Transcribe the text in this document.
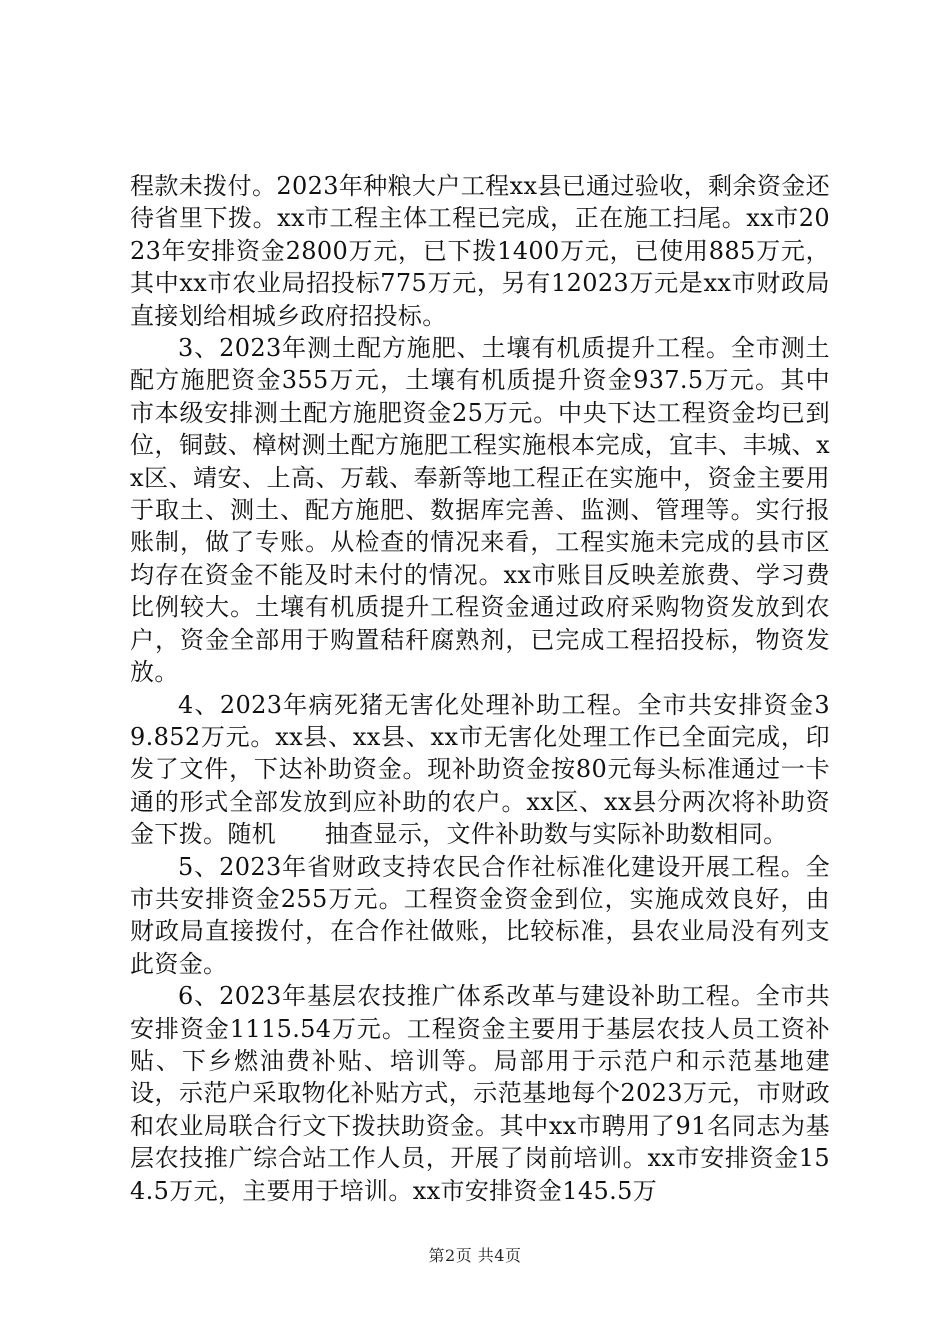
程款未拨付。2023年种粮大户工程xx县已通过验收，剩余资金还待省里下拨。xx市工程主体工程已完成，正在施工扫尾。xx市2023年安排资金2800万元，已下拨1400万元，已使用885万元，其中xx市农业局招投标775万元，另有12023万元是xx市财政局直接划给相城乡政府招投标。

3、2023年测土配方施肥、土壤有机质提升工程。全市测土配方施肥资金355万元，土壤有机质提升资金937.5万元。其中市本级安排测土配方施肥资金25万元。中央下达工程资金均已到位，铜鼓、樟树测土配方施肥工程实施根本完成，宜丰、丰城、xx区、靖安、上高、万载、奉新等地工程正在实施中，资金主要用于取土、测土、配方施肥、数据库完善、监测、管理等。实行报账制，做了专账。从检查的情况来看，工程实施未完成的县市区均存在资金不能及时未付的情况。xx市账目反映差旅费、学习费比例较大。土壤有机质提升工程资金通过政府采购物资发放到农户，资金全部用于购置秸秆腐熟剂，已完成工程招投标，物资发放。

4、2023年病死猪无害化处理补助工程。全市共安排资金39.852万元。xx县、xx县、xx市无害化处理工作已全面完成，印发了文件，下达补助资金。现补助资金按80元每头标准通过一卡通的形式全部发放到应补助的农户。xx区、xx县分两次将补助资金下拨。随机　　抽查显示，文件补助数与实际补助数相同。

5、2023年省财政支持农民合作社标准化建设开展工程。全市共安排资金255万元。工程资金资金到位，实施成效良好，由财政局直接拨付，在合作社做账，比较标准，县农业局没有列支此资金。

6、2023年基层农技推广体系改革与建设补助工程。全市共安排资金1115.54万元。工程资金主要用于基层农技人员工资补贴、下乡燃油费补贴、培训等。局部用于示范户和示范基地建设，示范户采取物化补贴方式，示范基地每个2023万元，市财政和农业局联合行文下拨扶助资金。其中xx市聘用了91名同志为基层农技推广综合站工作人员，开展了岗前培训。xx市安排资金154.5万元，主要用于培训。xx市安排资金145.5万

第2页 共4页
